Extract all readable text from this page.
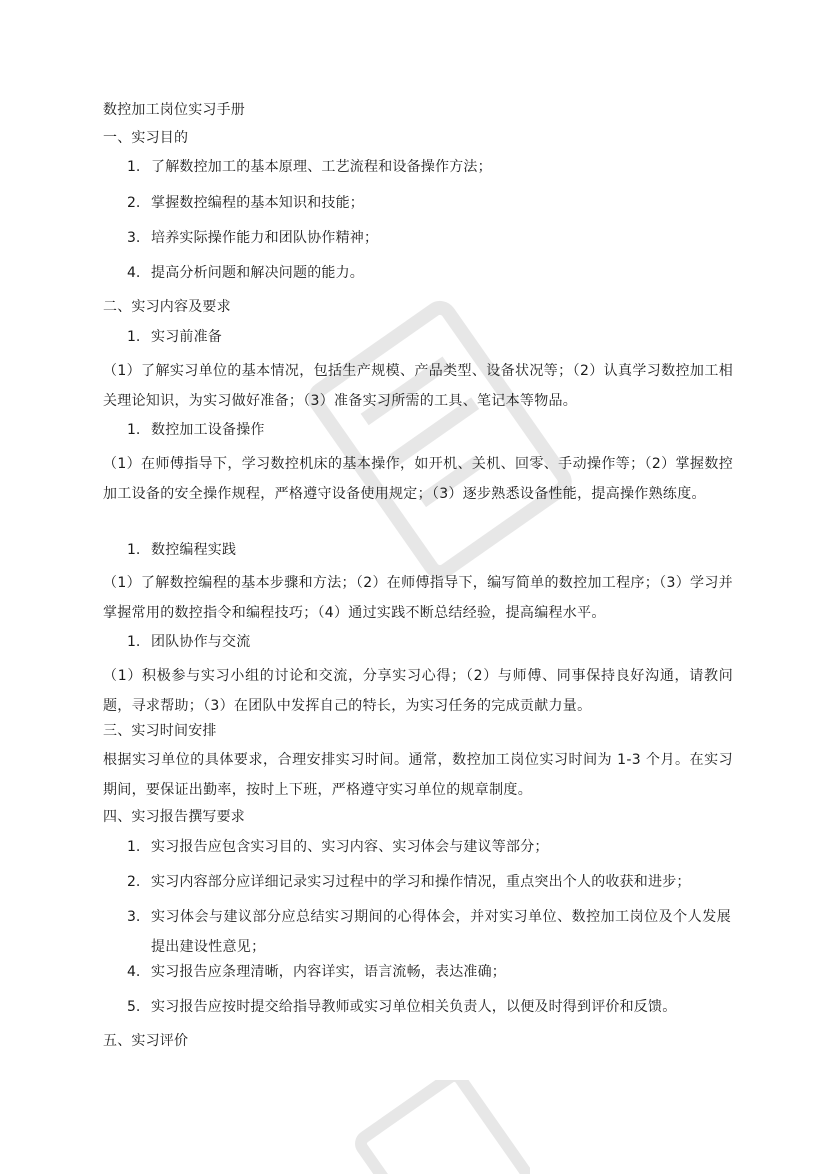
数控加工岗位实习手册
一、实习目的
1. 了解数控加工的基本原理、工艺流程和设备操作方法；
2. 掌握数控编程的基本知识和技能；
3. 培养实际操作能力和团队协作精神；
4. 提高分析问题和解决问题的能力。
二、实习内容及要求
1. 实习前准备
（1）了解实习单位的基本情况，包括生产规模、产品类型、设备状况等；（2）认真学习数控加工相关理论知识，为实习做好准备；（3）准备实习所需的工具、笔记本等物品。
1. 数控加工设备操作
（1）在师傅指导下，学习数控机床的基本操作，如开机、关机、回零、手动操作等；（2）掌握数控加工设备的安全操作规程，严格遵守设备使用规定；（3）逐步熟悉设备性能，提高操作熟练度。
1. 数控编程实践
（1）了解数控编程的基本步骤和方法；（2）在师傅指导下，编写简单的数控加工程序；（3）学习并掌握常用的数控指令和编程技巧；（4）通过实践不断总结经验，提高编程水平。
1. 团队协作与交流
（1）积极参与实习小组的讨论和交流，分享实习心得；（2）与师傅、同事保持良好沟通，请教问题，寻求帮助；（3）在团队中发挥自己的特长，为实习任务的完成贡献力量。
三、实习时间安排
根据实习单位的具体要求，合理安排实习时间。通常，数控加工岗位实习时间为 1-3 个月。在实习期间，要保证出勤率，按时上下班，严格遵守实习单位的规章制度。
四、实习报告撰写要求
1. 实习报告应包含实习目的、实习内容、实习体会与建议等部分；
2. 实习内容部分应详细记录实习过程中的学习和操作情况，重点突出个人的收获和进步；
3. 实习体会与建议部分应总结实习期间的心得体会，并对实习单位、数控加工岗位及个人发展提出建设性意见；
4. 实习报告应条理清晰，内容详实，语言流畅，表达准确；
5. 实习报告应按时提交给指导教师或实习单位相关负责人，以便及时得到评价和反馈。
五、实习评价
